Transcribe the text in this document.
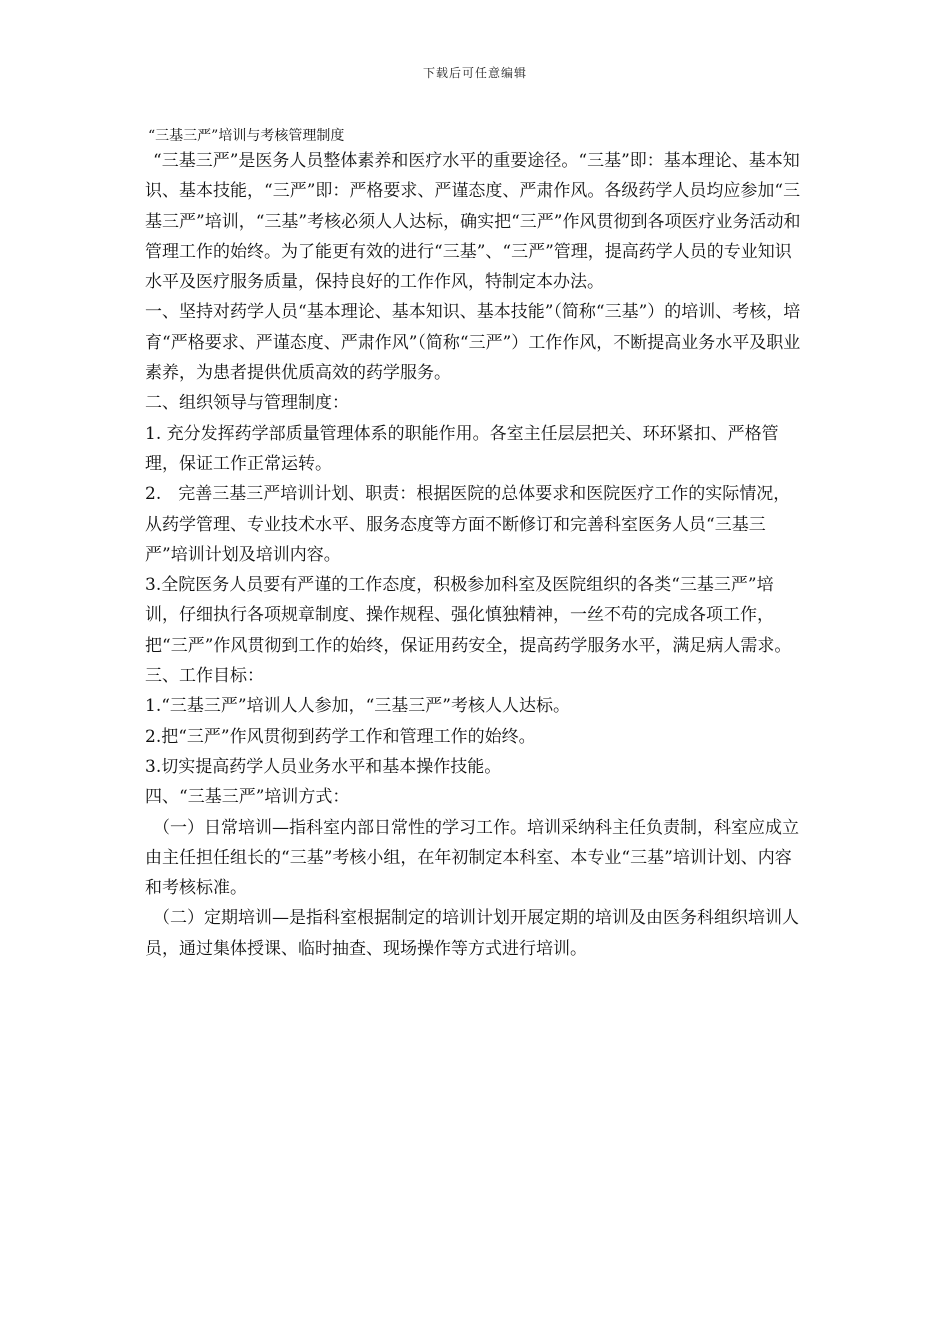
下载后可任意编辑
“三基三严”培训与考核管理制度

“三基三严”是医务人员整体素养和医疗水平的重要途径。“三基”即：基本理论、基本知识、基本技能，“三严”即：严格要求、严谨态度、严肃作风。各级药学人员均应参加“三基三严”培训，“三基”考核必须人人达标，确实把“三严”作风贯彻到各项医疗业务活动和管理工作的始终。为了能更有效的进行“三基”、“三严”管理，提高药学人员的专业知识水平及医疗服务质量，保持良好的工作作风，特制定本办法。

一、坚持对药学人员“基本理论、基本知识、基本技能”（简称“三基”）的培训、考核，培育“严格要求、严谨态度、严肃作风”（简称“三严”）工作作风，不断提高业务水平及职业素养，为患者提供优质高效的药学服务。

二、组织领导与管理制度：

1. 充分发挥药学部质量管理体系的职能作用。各室主任层层把关、环环紧扣、严格管理，保证工作正常运转。

2.　完善三基三严培训计划、职责：根据医院的总体要求和医院医疗工作的实际情况，从药学管理、专业技术水平、服务态度等方面不断修订和完善科室医务人员“三基三严”培训计划及培训内容。

3.全院医务人员要有严谨的工作态度，积极参加科室及医院组织的各类“三基三严”培训，仔细执行各项规章制度、操作规程、强化慎独精神，一丝不苟的完成各项工作，把“三严”作风贯彻到工作的始终，保证用药安全，提高药学服务水平，满足病人需求。

三、工作目标：

1.“三基三严”培训人人参加，“三基三严”考核人人达标。

2.把“三严”作风贯彻到药学工作和管理工作的始终。

3.切实提高药学人员业务水平和基本操作技能。

四、“三基三严”培训方式：

（一）日常培训—指科室内部日常性的学习工作。培训采纳科主任负责制，科室应成立由主任担任组长的“三基”考核小组，在年初制定本科室、本专业“三基”培训计划、内容和考核标准。

（二）定期培训—是指科室根据制定的培训计划开展定期的培训及由医务科组织培训人员，通过集体授课、临时抽查、现场操作等方式进行培训。
